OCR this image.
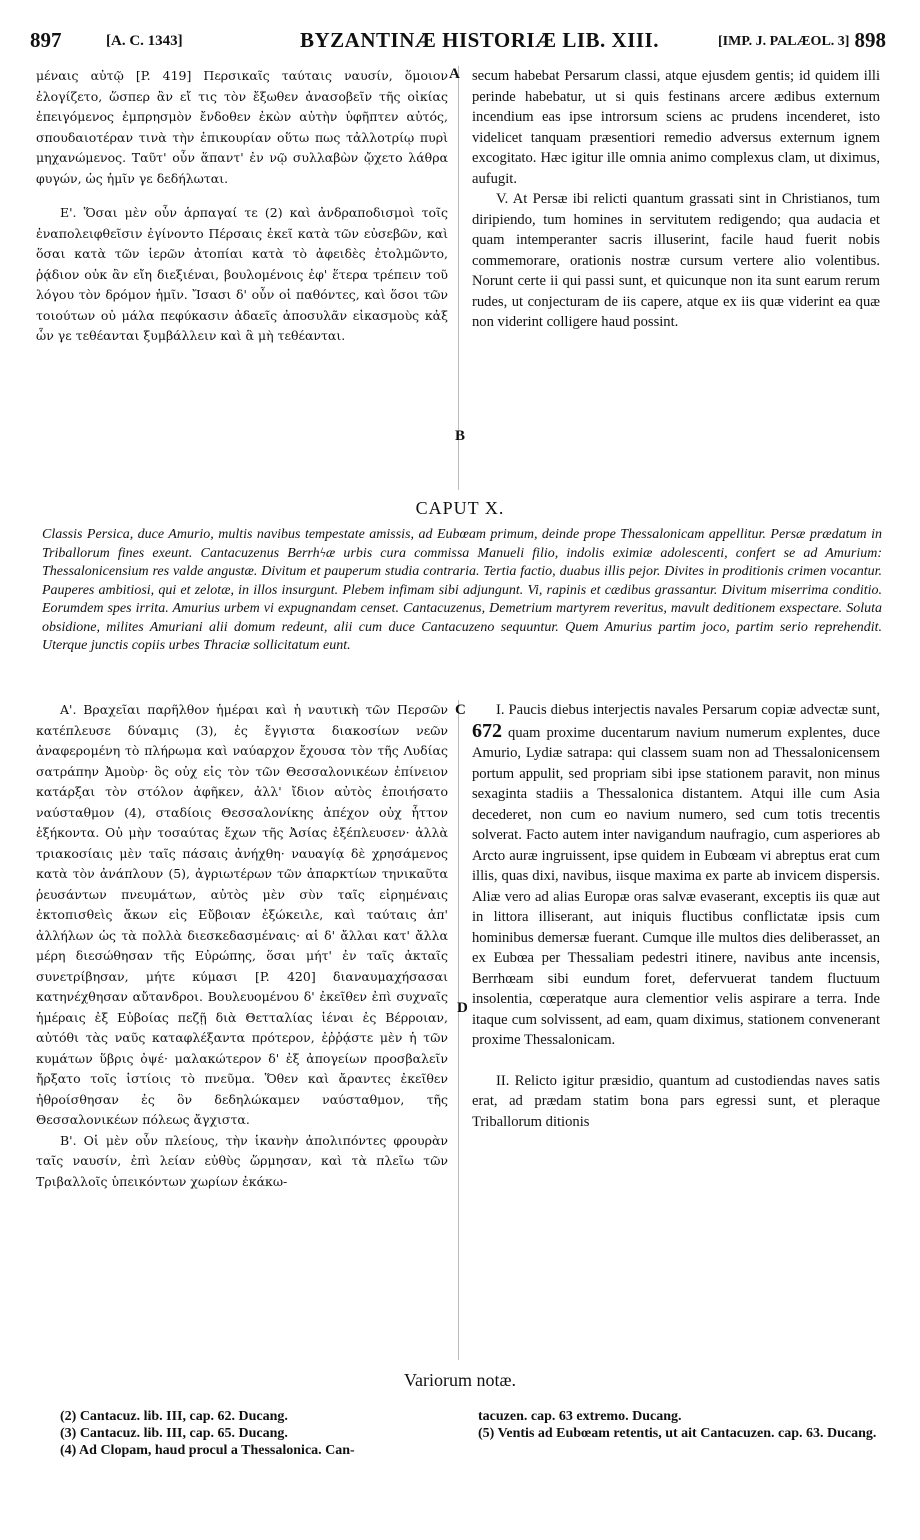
897	[A. C. 1343]	BYZANTINÆ HISTORIÆ LIB. XIII.	[IMP. J. PALÆOL. 3] 898

μέναις αὐτῷ [P. 419] Περσικαῖς ταύταις ναυσίν, ὅμοιον ἐλογίζετο, ὥσπερ ἂν εἴ τις τὸν ἔξωθεν ἀνασοβεῖν τῆς οἰκίας ἐπειγόμενος ἐμπρησμὸν ἔνδοθεν ἐκὼν αὐτὴν ὑφῆπτεν αὐτός, σπουδαιοτέραν τινὰ τὴν ἐπικουρίαν οὕτω πως τἀλλοτρίῳ πυρὶ μηχανώμενος. Ταῦτ' οὖν ἅπαντ' ἐν νῷ συλλαβὼν ᾤχετο λάθρα φυγών, ὡς ἡμῖν γε δεδήλωται.

Ε'. Ὅσαι μὲν οὖν ἁρπαγαί τε (2) καὶ ἀνδραποδισμοὶ τοῖς ἐναπολειφθεῖσιν ἐγίνοντο Πέρσαις ἐκεῖ κατὰ τῶν εὐσεβῶν, καὶ ὅσαι κατὰ τῶν ἱερῶν ἀτοπίαι κατὰ τὸ ἀφειδὲς ἐτολμῶντο, ῥᾴδιον οὐκ ἂν εἴη διεξιέναι, βουλομένοις ἐφ' ἕτερα τρέπειν τοῦ λόγου τὸν δρόμον ἡμῖν. Ἴσασι δ' οὖν οἱ παθόντες, καὶ ὅσοι τῶν τοιούτων οὐ μάλα πεφύκασιν ἀδαεῖς ἀποσυλᾶν εἰκασμοὺς κἀξ ὧν γε τεθέανται ξυμβάλλειν καὶ ἃ μὴ τεθέανται.

secum habebat Persarum classi, atque ejusdem gentis; id quidem illi perinde habebatur, ut si quis festinans arcere ædibus externum incendium eas ipse introrsum sciens ac prudens incenderet, isto videlicet tanquam præsentiori remedio adversus externum ignem excogitato. Hæc igitur ille omnia animo complexus clam, ut diximus, aufugit.

V. At Persæ ibi relicti quantum grassati sint in Christianos, tum diripiendo, tum homines in servitutem redigendo; qua audacia et quam intemperanter sacris illuserint, facile haud fuerit nobis commemorare, orationis nostræ cursum vertere alio volentibus. Norunt certe ii qui passi sunt, et quicunque non ita sunt earum rerum rudes, ut conjecturam de iis capere, atque ex iis quæ viderint ea quæ non viderint colligere haud possint.

A
B
CAPUT X.
Classis Persica, duce Amurio, multis navibus tempestate amissis, ad Eubœam primum, deinde prope Thessalonicam appellitur. Persæ prædatum in Triballorum fines exeunt. Cantacuzenus Berrhϟæ urbis cura commissa Manueli filio, indolis eximiæ adolescenti, confert se ad Amurium: Thessalonicensium res valde angustæ. Divitum et pauperum studia contraria. Tertia factio, duabus illis pejor. Divites in proditionis crimen vocantur. Pauperes ambitiosi, qui et zelotæ, in illos insurgunt. Plebem infimam sibi adjungunt. Vi, rapinis et cædibus grassantur. Divitum miserrima conditio. Eorumdem spes irrita. Amurius urbem vi expugnandam censet. Cantacuzenus, Demetrium martyrem reveritus, mavult deditionem exspectare. Soluta obsidione, milites Amuriani alii domum redeunt, alii cum duce Cantacuzeno sequuntur. Quem Amurius partim joco, partim serio reprehendit. Uterque junctis copiis urbes Thraciæ sollicitatum eunt.

Α'. Βραχεῖαι παρῆλθον ἡμέραι καὶ ἡ ναυτικὴ τῶν Περσῶν κατέπλευσε δύναμις (3), ἐς ἔγγιστα διακοσίων νεῶν ἀναφερομένη τὸ πλήρωμα καὶ ναύαρχον ἔχουσα τὸν τῆς Λυδίας σατράπην Ἀμοὺρ· ὃς οὐχ εἰς τὸν τῶν Θεσσαλονικέων ἐπίνειον κατάρξαι τὸν στόλον ἀφῆκεν, ἀλλ' ἴδιον αὐτὸς ἐποιήσατο ναύσταθμον (4), σταδίοις Θεσσαλονίκης ἀπέχον οὐχ ἧττον ἑξήκοντα. Οὐ μὴν τοσαύτας ἔχων τῆς Ἀσίας ἐξέπλευσεν· ἀλλὰ τριακοσίαις μὲν ταῖς πάσαις ἀνήχθη· ναυαγίᾳ δὲ χρησάμενος κατὰ τὸν ἀνάπλουν (5), ἀγριωτέρων τῶν ἀπαρκτίων τηνικαῦτα ῥευσάντων πνευμάτων, αὐτὸς μὲν σὺν ταῖς εἰρημέναις ἐκτοπισθεὶς ἄκων εἰς Εὔβοιαν ἐξώκειλε, καὶ ταύταις ἀπ' ἀλλήλων ὡς τὰ πολλὰ διεσκεδασμέναις· αἱ δ' ἄλλαι κατ' ἄλλα μέρη διεσώθησαν τῆς Εὐρώπης, ὅσαι μήτ' ἐν ταῖς ἀκταῖς συνετρίβησαν, μήτε κύμασι [P. 420] διαναυμαχήσασαι κατηνέχθησαν αὔτανδροι. Βουλευομένου δ' ἐκεῖθεν ἐπὶ συχναῖς ἡμέραις ἐξ Εὐβοίας πεζῇ διὰ Θετταλίας ἰέναι ἐς Βέρροιαν, αὐτόθι τὰς ναῦς καταφλέξαντα πρότερον, ἐῤῥᾴστε μὲν ἡ τῶν κυμάτων ὕβρις ὀψέ· μαλακώτερον δ' ἐξ ἀπογείων προσβαλεῖν ἤρξατο τοῖς ἱστίοις τὸ πνεῦμα. Ὅθεν καὶ ἄραντες ἐκεῖθεν ἠθροίσθησαν ἐς ὃν δεδηλώκαμεν ναύσταθμον, τῆς Θεσσαλονικέων πόλεως ἄγχιστα.

Β'. Οἱ μὲν οὖν πλείους, τὴν ἱκανὴν ἀπολιπόντες φρουρὰν ταῖς ναυσίν, ἐπὶ λείαν εὐθὺς ὥρμησαν, καὶ τὰ πλεῖω τῶν Τριβαλλοῖς ὑπεικόντων χωρίων ἐκάκω-

I. Paucis diebus interjectis navales Persarum copiæ advectæ sunt, 672 quam proxime ducentarum navium numerum explentes, duce Amurio, Lydiæ satrapa: qui classem suam non ad Thessalonicensem portum appulit, sed propriam sibi ipse stationem paravit, non minus sexaginta stadiis a Thessalonica distantem. Atqui ille cum Asia decederet, non cum eo navium numero, sed cum totis trecentis solverat. Facto autem inter navigandum naufragio, cum asperiores ab Arcto auræ ingruissent, ipse quidem in Eubœam vi abreptus erat cum illis, quas dixi, navibus, iisque maxima ex parte ab invicem dispersis. Aliæ vero ad alias Europæ oras salvæ evaserant, exceptis iis quæ aut in littora illiserant, aut iniquis fluctibus conflictatæ ipsis cum hominibus demersæ fuerant. Cumque ille multos dies deliberasset, an ex Eubœa per Thessaliam pedestri itinere, navibus ante incensis, Berrhœam sibi eundum foret, defervuerat tandem fluctuum insolentia, cœperatque aura clementior velis aspirare a terra. Inde itaque cum solvissent, ad eam, quam diximus, stationem convenerant proxime Thessalonicam.

II. Relicto igitur præsidio, quantum ad custodiendas naves satis erat, ad prædam statim bona pars egressi sunt, et pleraque Triballorum ditionis

C
D
Variorum notæ.

(2) Cantacuz. lib. III, cap. 62. Ducang.

(3) Cantacuz. lib. III, cap. 65. Ducang.

(4) Ad Clopam, haud procul a Thessalonica. Can-

tacuzen. cap. 63 extremo. Ducang.

(5) Ventis ad Eubœam retentis, ut ait Cantacuzen. cap. 63. Ducang.
